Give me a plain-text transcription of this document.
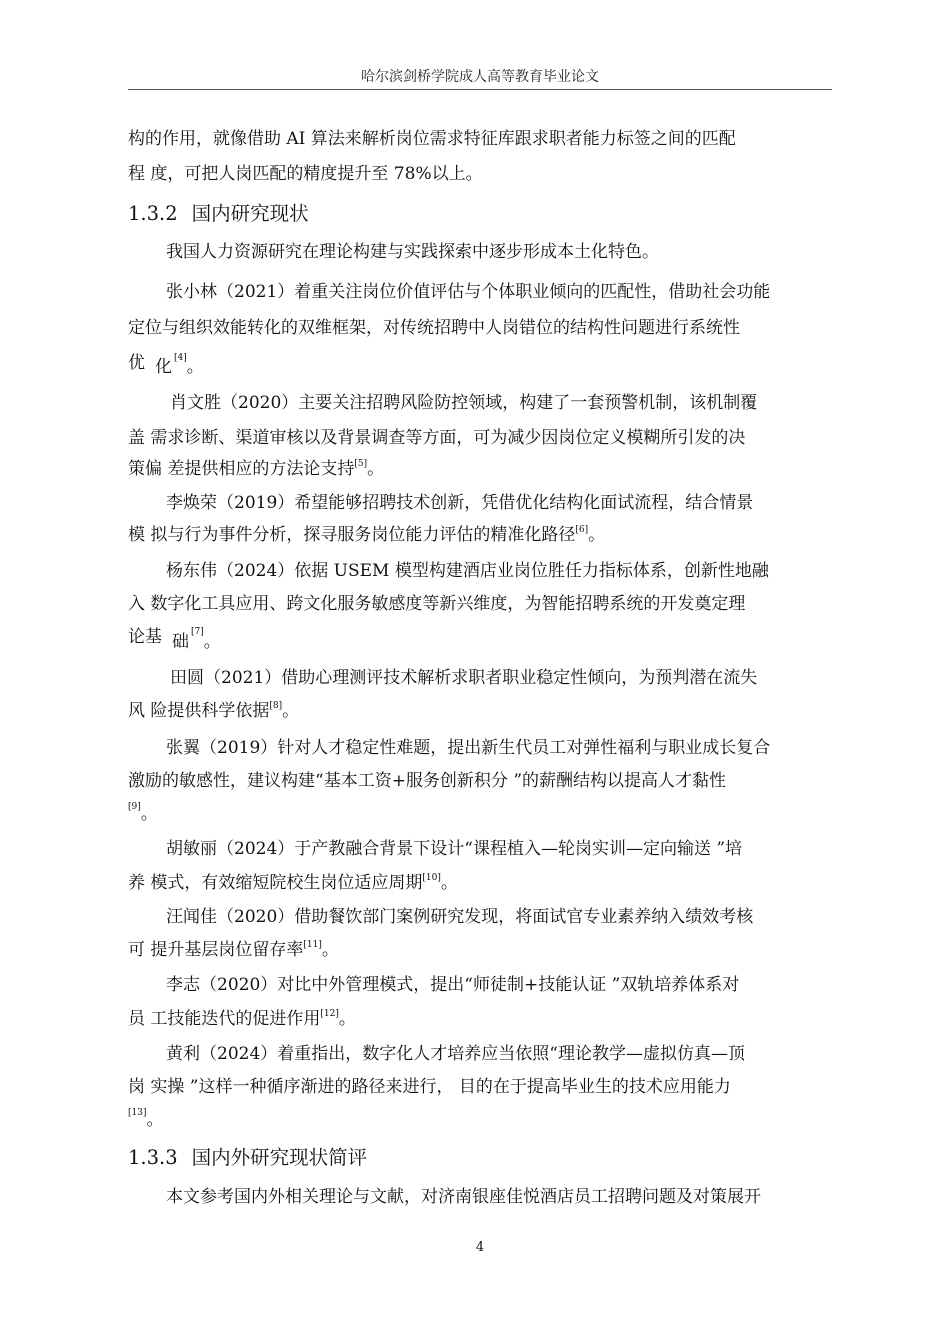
哈尔滨剑桥学院成人高等教育毕业论文
构的作用，就像借助 AI 算法来解析岗位需求特征库跟求职者能力标签之间的匹配
程 度，可把人岗匹配的精度提升至 78%以上。
1.3.2 国内研究现状
我国人力资源研究在理论构建与实践探索中逐步形成本土化特色。
张小林（2021）着重关注岗位价值评估与个体职业倾向的匹配性，借助社会功能
定位与组织效能转化的双维框架，对传统招聘中人岗错位的结构性问题进行系统性
优 化 [4]。
肖文胜（2020）主要关注招聘风险防控领域，构建了一套预警机制，该机制覆
盖 需求诊断、渠道审核以及背景调查等方面，可为减少因岗位定义模糊所引发的决
策偏 差提供相应的方法论支持[5]。
李焕荣（2019）希望能够招聘技术创新，凭借优化结构化面试流程，结合情景
模 拟与行为事件分析，探寻服务岗位能力评估的精准化路径[6]。
杨东伟（2024）依据 USEM 模型构建酒店业岗位胜任力指标体系，创新性地融
入 数字化工具应用、跨文化服务敏感度等新兴维度，为智能招聘系统的开发奠定理
论基 础 [7]。
田圆（2021）借助心理测评技术解析求职者职业稳定性倾向，为预判潜在流失
风 险提供科学依据[8]。
张翼（2019）针对人才稳定性难题，提出新生代员工对弹性福利与职业成长复合
激励的敏感性，建议构建“基本工资+服务创新积分 ”的薪酬结构以提高人才黏性
[9]。
胡敏丽（2024）于产教融合背景下设计“课程植入—轮岗实训—定向输送 ”培
养 模式，有效缩短院校生岗位适应周期[10]。
汪闻佳（2020）借助餐饮部门案例研究发现，将面试官专业素养纳入绩效考核
可 提升基层岗位留存率[11]。
李志（2020）对比中外管理模式，提出“师徒制+技能认证 ”双轨培养体系对
员 工技能迭代的促进作用[12]。
黄利（2024）着重指出，数字化人才培养应当依照“理论教学—虚拟仿真—顶
岗 实操 ”这样一种循序渐进的路径来进行， 目的在于提高毕业生的技术应用能力
[13]。
1.3.3 国内外研究现状简评
本文参考国内外相关理论与文献，对济南银座佳悦酒店员工招聘问题及对策展开
4
